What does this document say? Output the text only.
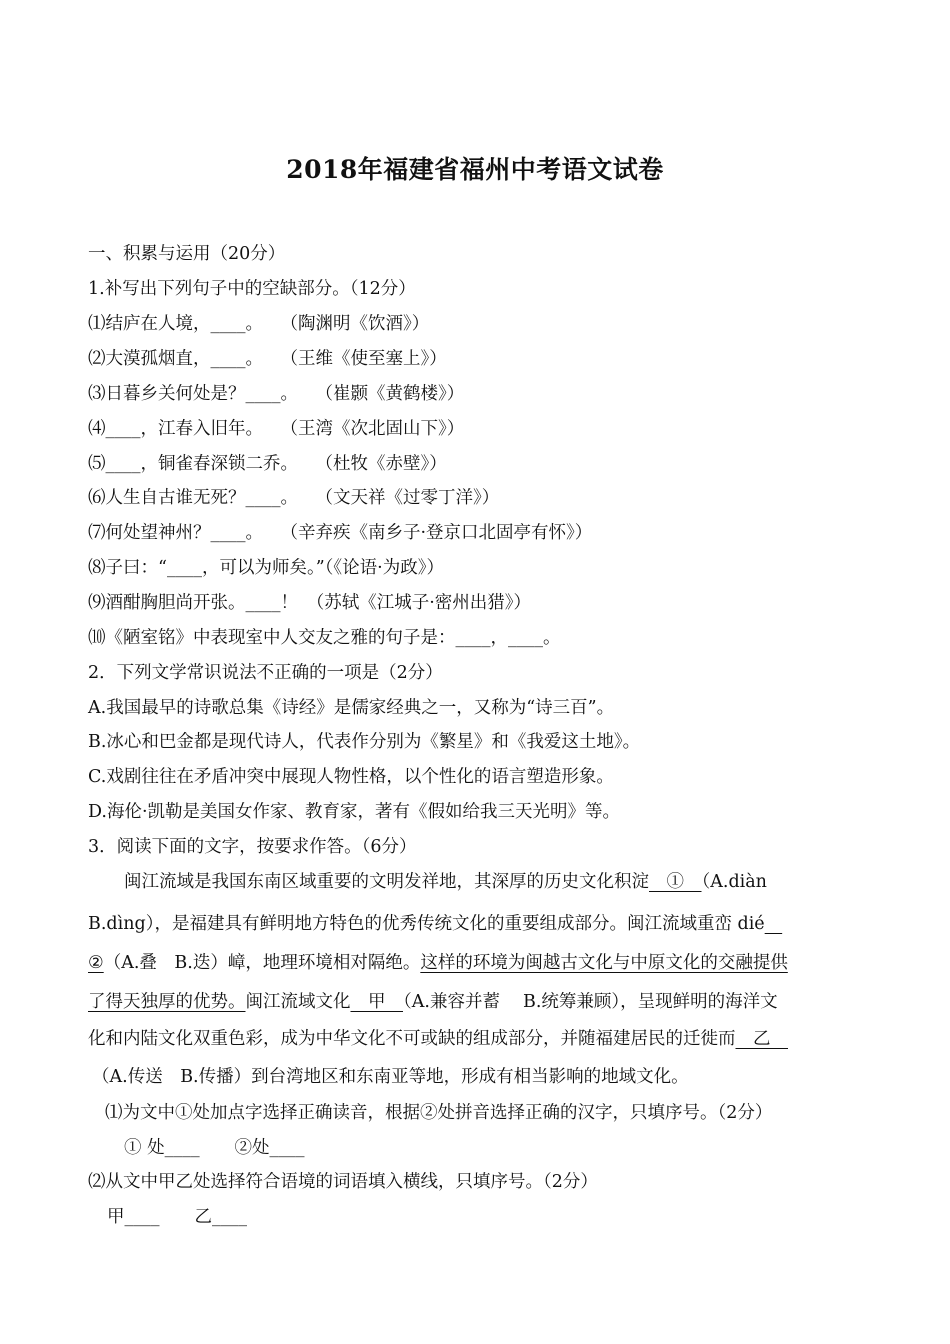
2018年福建省福州中考语文试卷
一、积累与运用（20分）
1.补写出下列句子中的空缺部分。（12分）
⑴结庐在人境，____。　　（陶渊明《饮酒》）
⑵大漠孤烟直，____。　　（王维《使至塞上》）
⑶日暮乡关何处是？____。　　（崔颢《黄鹤楼》）
⑷____，江春入旧年。　　（王湾《次北固山下》）
⑸____，铜雀春深锁二乔。　　（杜牧《赤壁》）
⑹人生自古谁无死？____。　　（文天祥《过零丁洋》）
⑺何处望神州？____。　　（辛弃疾《南乡子·登京口北固亭有怀》）
⑻子曰：“____，可以为师矣。”（《论语·为政》）
⑼酒酣胸胆尚开张。____！　（苏轼《江城子·密州出猎》）
⑽《陋室铭》中表现室中人交友之雅的句子是：____，____。
2．下列文学常识说法不正确的一项是（2分）
A.我国最早的诗歌总集《诗经》是儒家经典之一，又称为“诗三百”。
B.冰心和巴金都是现代诗人，代表作分别为《繁星》和《我爱这土地》。
C.戏剧往往在矛盾冲突中展现人物性格，以个性化的语言塑造形象。
D.海伦·凯勒是美国女作家、教育家，著有《假如给我三天光明》等。
3．阅读下面的文字，按要求作答。（6分）
闽江流域是我国东南区域重要的文明发祥地，其深厚的历史文化积淀　①　（A.diàn
B.dìng），是福建具有鲜明地方特色的优秀传统文化的重要组成部分。闽江流域重峦 dié　
②（A.叠　B.迭）嶂，地理环境相对隔绝。这样的环境为闽越古文化与中原文化的交融提供
了得天独厚的优势。闽江流域文化　甲　（A.兼容并蓄　 B.统筹兼顾），呈现鲜明的海洋文
化和内陆文化双重色彩，成为中华文化不可或缺的组成部分，并随福建居民的迁徙而　乙　
（A.传送　B.传播）到台湾地区和东南亚等地，形成有相当影响的地域文化。
⑴为文中①处加点字选择正确读音，根据②处拼音选择正确的汉字，只填序号。（2分）
① 处____　　②处____
⑵从文中甲乙处选择符合语境的词语填入横线，只填序号。（2分）
甲____　　乙____
